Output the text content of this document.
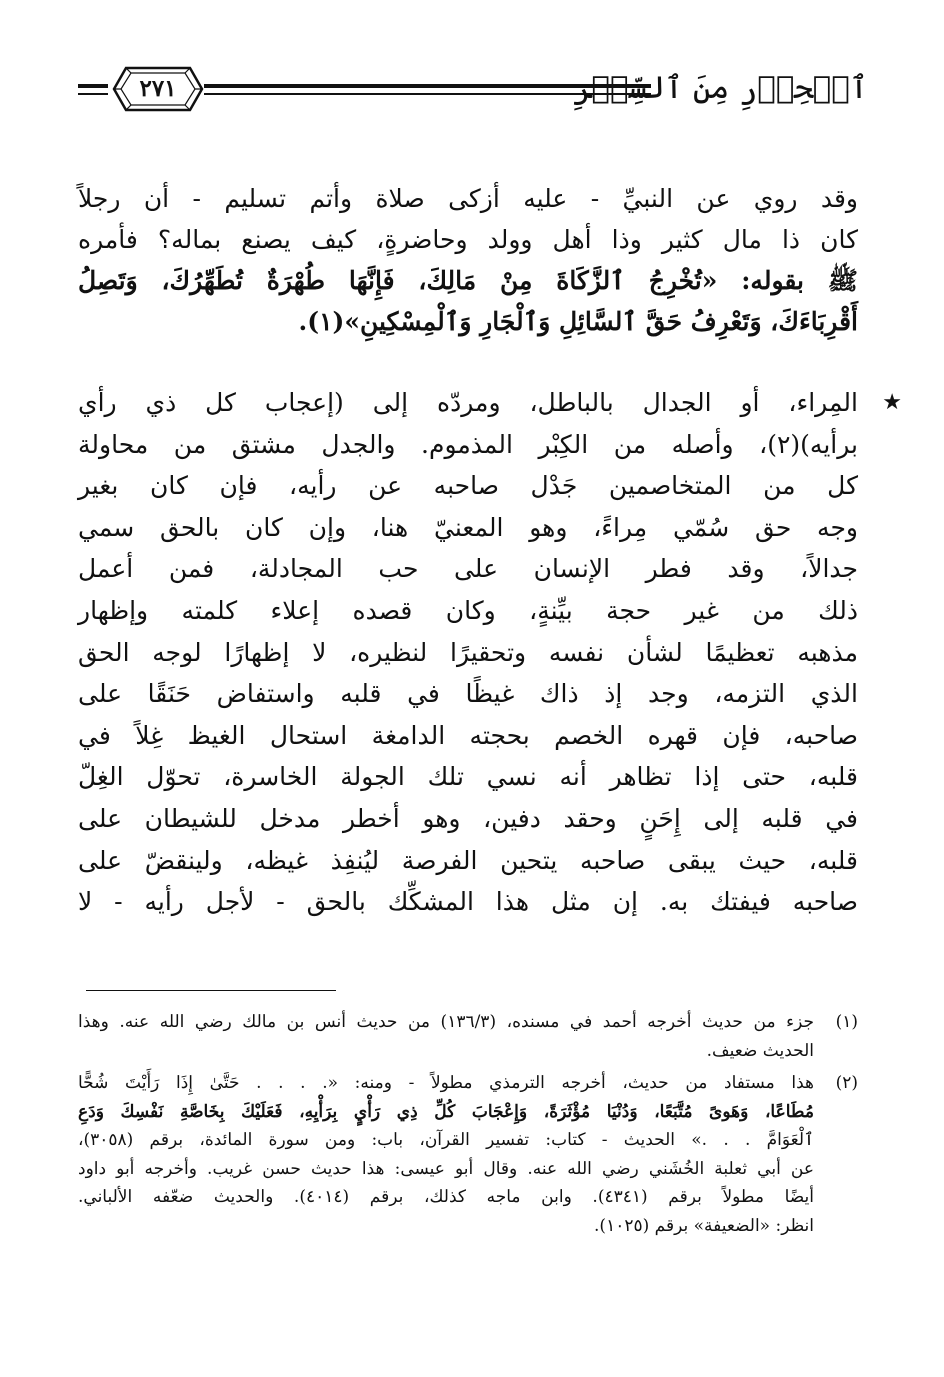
ٱلۡحِذۡرِ مِنَ ٱلسِّحۡرِ
٢٧١
وقد روي عن النبيِّ - عليه أزكى صلاة وأتم تسليم - أن رجلاً
كان ذا مال كثير وذا أهل وولد وحاضرةٍ، كيف يصنع بماله؟ فأمره
ﷺ بقوله: «تُخْرِجُ ٱلزَّكَاةَ مِنْ مَالِكَ، فَإِنَّهَا طُهْرَةٌ تُطَهِّرُكَ، وَتَصِلُ
أَقْرِبَاءَكَ، وَتَعْرِفُ حَقَّ ٱلسَّائِلِ وَٱلْجَارِ وَٱلْمِسْكِينِ»(١).
★
المِراء، أو الجدال بالباطل، ومردّه إلى (إعجاب كل ذي رأي
برأيه)(٢)، وأصله من الكِبْر المذموم. والجدل مشتق من محاولة
كل من المتخاصمين جَدْل صاحبه عن رأيه، فإن كان بغير
وجه حق سُمّي مِراءً، وهو المعنيّ هنا، وإن كان بالحق سمي
جدالاً، وقد فطر الإنسان على حب المجادلة، فمن أعمل
ذلك من غير حجة بيِّنةٍ، وكان قصده إعلاء كلمته وإظهار
مذهبه تعظيمًا لشأن نفسه وتحقيرًا لنظيره، لا إظهارًا لوجه الحق
الذي التزمه، وجد إذ ذاك غيظًا في قلبه واستفاض حَنَقًا على
صاحبه، فإن قهره الخصم بحجته الدامغة استحال الغيظ غِلاً في
قلبه، حتى إذا تظاهر أنه نسي تلك الجولة الخاسرة، تحوّل الغِلّ
في قلبه إلى إِحَنٍ وحقد دفين، وهو أخطر مدخل للشيطان على
قلبه، حيث يبقى صاحبه يتحين الفرصة ليُنفِذ غيظه، ولينقضّ على
صاحبه فيفتك به. إن مثل هذا المشكِّك بالحق - لأجل رأيه - لا
(١)
جزء من حديث أخرجه أحمد في مسنده، (١٣٦/٣) من حديث أنس بن مالك رضي الله عنه. وهذا
الحديث ضعيف.
(٢)
هذا مستفاد من حديث، أخرجه الترمذي مطولاً - ومنه: «. . . . حَتَّىٰ إِذَا رَأَيْتَ شُحًّا
مُطَاعًا، وَهَوىً مُتَّبَعًا، وَدُنْيَا مُؤْثَرَةً، وَإِعْجَابَ كُلِّ ذِي رَأْيٍ بِرَأْيِهِ، فَعَلَيْكَ بِخَاصَّةِ نَفْسِكَ وَدَعِ
ٱلْعَوَامَّ . . .» الحديث - كتاب: تفسير القرآن، باب: ومن سورة المائدة، برقم (٣٠٥٨)،
عن أبي ثعلبة الخُشَني رضي الله عنه. وقال أبو عيسى: هذا حديث حسن غريب. وأخرجه أبو داود
أيضًا مطولاً برقم (٤٣٤١). وابن ماجه كذلك، برقم (٤٠١٤). والحديث ضعّفه الألباني.
انظر: «الضعيفة» برقم (١٠٢٥).
